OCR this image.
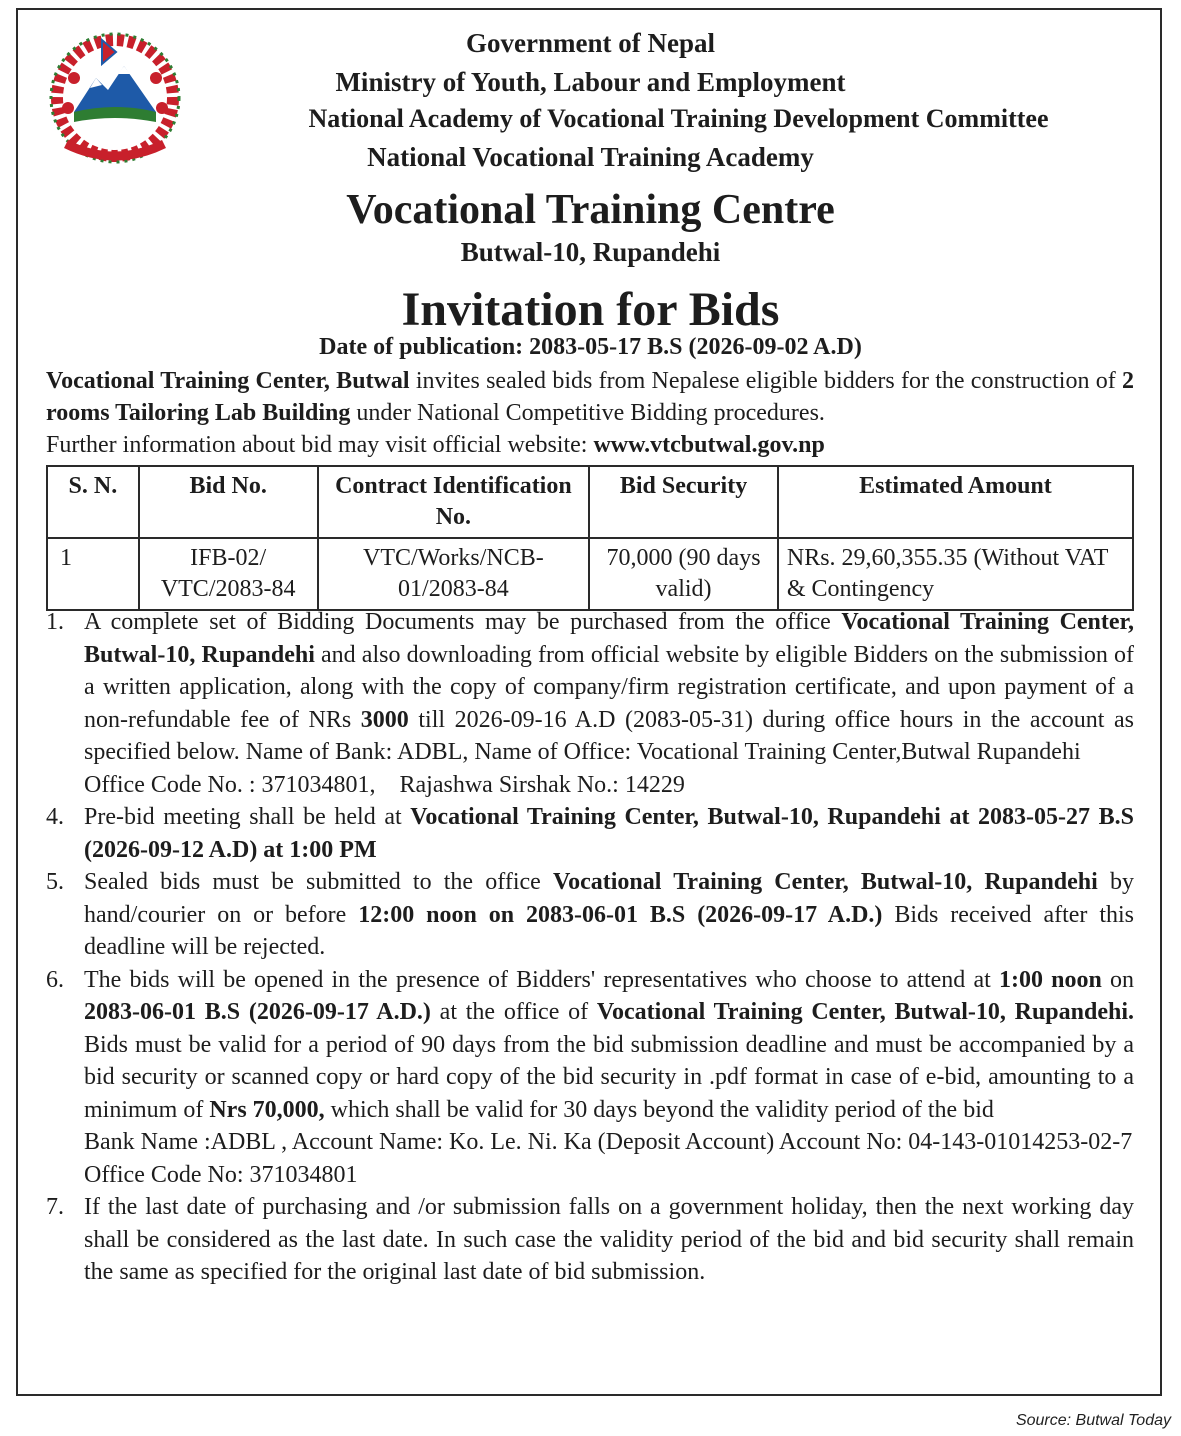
Government of Nepal
Ministry of Youth, Labour and Employment
National Academy of Vocational Training Development Committee
National Vocational Training Academy
Vocational Training Centre
Butwal-10, Rupandehi
Invitation for Bids
Date of publication: 2083-05-17 B.S (2026-09-02 A.D)

Vocational Training Center, Butwal invites sealed bids from Nepalese eligible bidders for the construction of 2 rooms Tailoring Lab Building under National Competitive Bidding procedures.

Further information about bid may visit official website: www.vtcbutwal.gov.np

S. N.	Bid No.	Contract Identification No.	Bid Security	Estimated Amount
1	IFB-02/ VTC/2083-84	VTC/Works/NCB-01/2083-84	70,000 (90 days valid)	NRs. 29,60,355.35 (Without VAT & Contingency
1. A complete set of Bidding Documents may be purchased from the office Vocational Training Center, Butwal-10, Rupandehi and also downloading from official website by eligible Bidders on the submission of a written application, along with the copy of company/firm registration certificate, and upon payment of a non-refundable fee of NRs 3000 till 2026-09-16 A.D (2083-05-31) during office hours in the account as specified below. Name of Bank: ADBL, Name of Office: Vocational Training Center,Butwal Rupandehi

Office Code No. : 371034801,    Rajashwa Sirshak No.: 14229

4. Pre-bid meeting shall be held at Vocational Training Center, Butwal-10, Rupandehi at 2083-05-27 B.S (2026-09-12 A.D) at 1:00 PM
5. Sealed bids must be submitted to the office Vocational Training Center, Butwal-10, Rupandehi by hand/courier on or before 12:00 noon on 2083-06-01 B.S (2026-09-17 A.D.) Bids received after this deadline will be rejected.
6. The bids will be opened in the presence of Bidders' representatives who choose to attend at 1:00 noon on 2083-06-01 B.S (2026-09-17 A.D.) at the office of Vocational Training Center, Butwal-10, Rupandehi. Bids must be valid for a period of 90 days from the bid submission deadline and must be accompanied by a bid security or scanned copy or hard copy of the bid security in .pdf format in case of e-bid, amounting to a minimum of Nrs 70,000, which shall be valid for 30 days beyond the validity period of the bid

Bank Name :ADBL , Account Name: Ko. Le. Ni. Ka (Deposit Account) Account No: 04-143-01014253-02-7

Office Code No: 371034801

7. If the last date of purchasing and /or submission falls on a government holiday, then the next working day shall be considered as the last date. In such case the validity period of the bid and bid security shall remain the same as specified for the original last date of bid submission.
Source: Butwal Today
